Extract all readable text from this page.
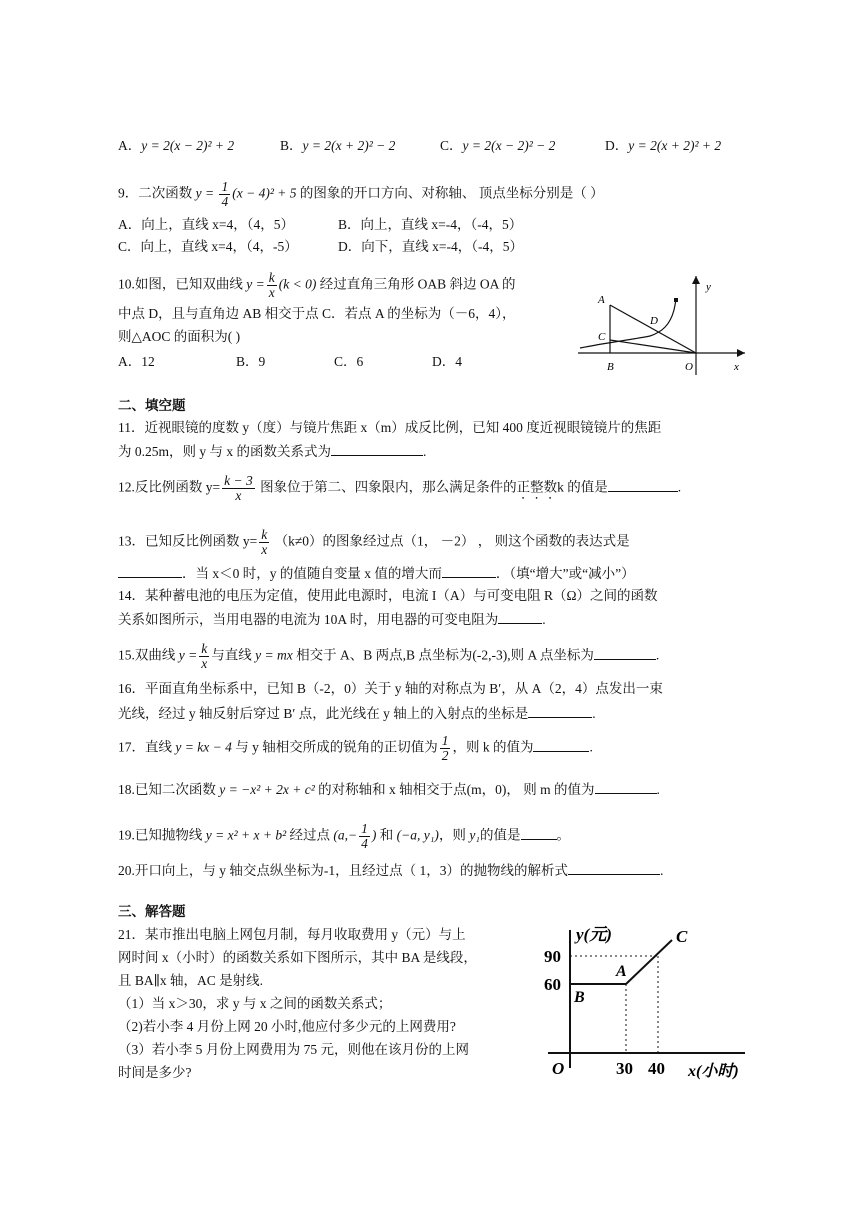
A．y = 2(x − 2)² + 2	B．y = 2(x + 2)² − 2	C．y = 2(x − 2)² − 2	D．y = 2(x + 2)² + 2
9．二次函数 $y = \frac{1}{4} (x - 4)^2 + 5$ 的图象的开口方向、对称轴、 顶点坐标分别是（ ）
A．向上，直线 x=4，（4，5）	B．向上，直线 x=-4，（-4，5）
C．向上，直线 x=4，（4，-5）	D．向下，直线 x=-4，（-4，5）
10.如图，已知双曲线 $y = \frac{k}{x} (k < 0)$ 经过直角三角形 OAB 斜边 OA 的
中点 D，且与直角边 AB 相交于点 C．若点 A 的坐标为（－6，4），
则△AOC 的面积为( )
A．12	B．9	C．6	D．4
A
C
D
B	O	x
y
二、填空题
11．近视眼镜的度数 y（度）与镜片焦距 x（m）成反比例，已知 400 度近视眼镜镜片的焦距
为 0.25m，则 y 与 x 的函数关系式为	.
12.反比例函数 $y= \frac{k - 3}{x}$ 图象位于第二、四象限内，那么满足条件的正整数k 的值是	.
13．已知反比例函数 $y= \frac{k}{x} (k\ne 0)$的图象经过点（1， －2） ， 则这个函数的表达式是
．当 x＜0 时，y 的值随自变量 x 值的增大而	．（填“增大”或“减小”）
14．某种蓄电池的电压为定值，使用此电源时，电流 I（A）与可变电阻 R（Ω）之间的函数
关系如图所示，当用电器的电流为 10A 时，用电器的可变电阻为	.
15.双曲线 $y = \frac{k}{x}$ 与直线 y = mx 相交于 A、B 两点,B 点坐标为(-2,-3),则 A 点坐标为	.
16．平面直角坐标系中，已知 B（-2，0）关于 y 轴的对称点为 B′，从 A（2，4）点发出一束
光线，经过 y 轴反射后穿过 B′ 点，此光线在 y 轴上的入射点的坐标是	.
17．直线 y = kx − 4 与 y 轴相交所成的锐角的正切值为 $\frac{1}{2}$ ，则 k 的值为	.
18.已知二次函数 y = −x² + 2x + c² 的对称轴和 x 轴相交于点(m，0)， 则 m 的值为	.
19.已知抛物线 y = x² + x + b² 经过点 ($a,- \frac{1}{4}$ ) 和 (−a, y₁)，则 y₁的值是	。
20.开口向上，与 y 轴交点纵坐标为-1，且经过点（ 1，3）的抛物线的解析式	.
三、解答题
21．某市推出电脑上网包月制，每月收取费用 y（元）与上
网时间 x（小时）的函数关系如下图所示，其中 BA 是线段，
且 BA∥x 轴，AC 是射线.
（1）当 x＞30，求 y 与 x 之间的函数关系式；
（2)若小李 4 月份上网 20 小时,他应付多少元的上网费用?
（3）若小李 5 月份上网费用为 75 元，则他在该月份的上网
时间是多少?
y(元)
90
60
B
A
C
O	30 40 x(小时)
